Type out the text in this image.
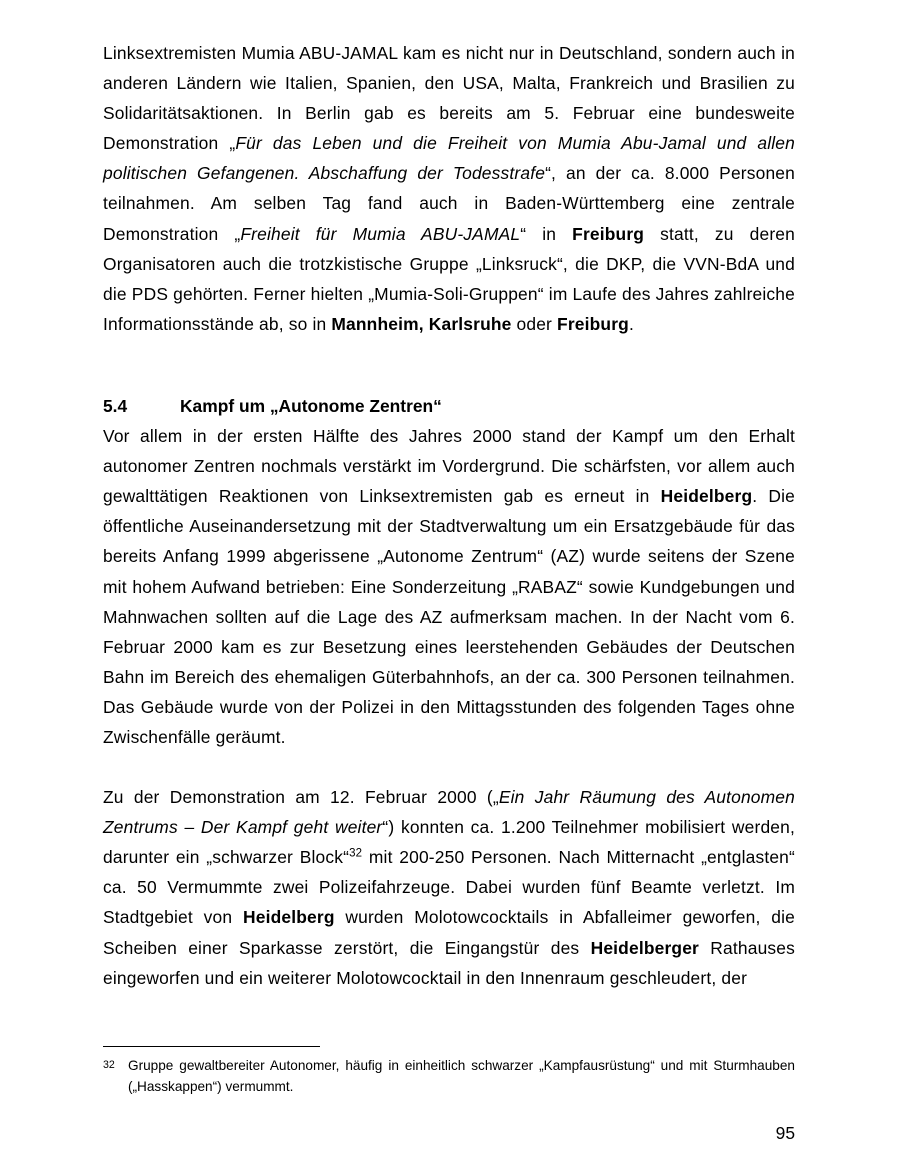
Linksextremisten Mumia ABU-JAMAL kam es nicht nur in Deutschland, sondern auch in anderen Ländern wie Italien, Spanien, den USA, Malta, Frankreich und Brasilien zu Solidaritätsaktionen. In Berlin gab es bereits am 5. Februar eine bundesweite Demonstration „Für das Leben und die Freiheit von Mumia Abu-Jamal und allen politischen Gefangenen. Abschaffung der Todesstrafe“, an der ca. 8.000 Personen teilnahmen. Am selben Tag fand auch in Baden-Württemberg eine zentrale Demonstration „Freiheit für Mumia ABU-JAMAL“ in Freiburg statt, zu deren Organisatoren auch die trotzkistische Gruppe „Linksruck“, die DKP, die VVN-BdA und die PDS gehörten. Ferner hielten „Mumia-Soli-Gruppen“ im Laufe des Jahres zahlreiche Informationsstände ab, so in Mannheim, Karlsruhe oder Freiburg.

5.4	Kampf um „Autonome Zentren“

Vor allem in der ersten Hälfte des Jahres 2000 stand der Kampf um den Erhalt autonomer Zentren nochmals verstärkt im Vordergrund. Die schärfsten, vor allem auch gewalttätigen Reaktionen von Linksextremisten gab es erneut in Heidelberg. Die öffentliche Auseinandersetzung mit der Stadtverwaltung um ein Ersatzgebäude für das bereits Anfang 1999 abgerissene „Autonome Zentrum“ (AZ) wurde seitens der Szene mit hohem Aufwand betrieben: Eine Sonderzeitung „RABAZ“ sowie Kundgebungen und Mahnwachen sollten auf die Lage des AZ aufmerksam machen. In der Nacht vom 6. Februar 2000 kam es zur Besetzung eines leerstehenden Gebäudes der Deutschen Bahn im Bereich des ehemaligen Güterbahnhofs, an der ca. 300 Personen teilnahmen. Das Gebäude wurde von der Polizei in den Mittagsstunden des folgenden Tages ohne Zwischenfälle geräumt.

Zu der Demonstration am 12. Februar 2000 („Ein Jahr Räumung des Autonomen Zentrums – Der Kampf geht weiter“) konnten ca. 1.200 Teilnehmer mobilisiert werden, darunter ein „schwarzer Block“$^{32}$ mit 200-250 Personen. Nach Mitternacht „entglasten“ ca. 50 Vermummte zwei Polizeifahrzeuge. Dabei wurden fünf Beamte verletzt. Im Stadtgebiet von Heidelberg wurden Molotowcocktails in Abfalleimer geworfen, die Scheiben einer Sparkasse zerstört, die Eingangstür des Heidelberger Rathauses eingeworfen und ein weiterer Molotowcocktail in den Innenraum geschleudert, der

32 Gruppe gewaltbereiter Autonomer, häufig in einheitlich schwarzer „Kampfausrüstung“ und mit Sturmhauben („Hasskappen“) vermummt.
95
